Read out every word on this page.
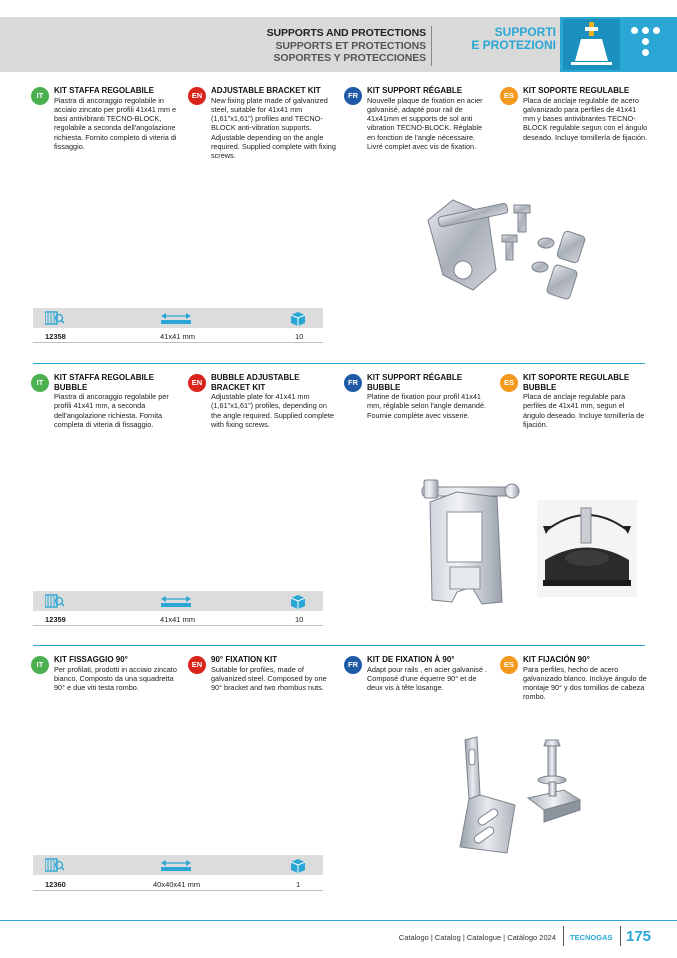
SUPPORTS AND PROTECTIONS
SUPPORTS ET PROTECTIONS
SOPORTES Y PROTECCIONES
SUPPORTI
E PROTEZIONI
IT
KIT STAFFA REGOLABILE
Piastra di ancoraggio regolabile in acciaio zincato per profili 41x41 mm e basi antivibranti TECNO-BLOCK, regolabile a seconda dell'angolazione richiesta. Fornito completo di viteria di fissaggio.
EN
ADJUSTABLE BRACKET KIT
New fixing plate made of galvanized steel, suitable for 41x41 mm (1,61"x1,61") profiles and TECNO-BLOCK anti-vibration supports. Adjustable depending on the angle required. Supplied complete with fixing screws.
FR
KIT SUPPORT RÉGABLE
Nouvelle plaque de fixation en acier galvanisé, adapté pour rail de 41x41mm et supports de sol anti vibration TECNO-BLOCK. Réglable en fonction de l'angle nécessaire. Livré complet avec vis de fixation.
ES
KIT SOPORTE REGULABLE
Placa de anclaje regulable de acero galvanizado para perfiles de 41x41 mm y bases antivibrantes TECNO-BLOCK regulable segun con el ángulo deseado. Incluye tornillería de fijación.
12358	41x41 mm	10
IT
KIT STAFFA REGOLABILE BUBBLE
Piastra di ancoraggio regolabile per profili 41x41 mm, a seconda dell'angolazione richiesta. Fornita completa di viteria di fissaggio.
EN
BUBBLE ADJUSTABLE BRACKET KIT
Adjustable plate for 41x41 mm (1,61"x1,61") profiles, depending on the angle required. Supplied complete with fixing screws.
FR
KIT SUPPORT RÉGABLE BUBBLE
Platine de fixation pour profil 41x41 mm, réglable selon l'angle demandé. Fournie complète avec visserie.
ES
KIT SOPORTE REGULABLE BUBBLE
Placa de anclaje regulable para perfiles de 41x41 mm, segun el ángulo deseado. Incluye tornillería de fijación.
12359	41x41 mm	10
IT
KIT FISSAGGIO 90°
Per profilati, prodotti in acciaio zincato bianco. Composto da una squadretta 90° e due viti testa rombo.
EN
90° FIXATION KIT
Suitable for profiles, made of galvanized steel. Composed by one 90° bracket and two rhombus nuts.
FR
KIT DE FIXATION À 90°
Adapt pour rails , en acier galvanisé . Composé d'une équerre 90° et de deux vis à tête losange.
ES
KIT FIJACIÓN 90°
Para perfiles, hecho de acero galvanizado blanco. Incluye ángulo de montaje 90° y dos tornillos de cabeza rombo.
12360	40x40x41 mm	1
Catalogo | Catalog | Catalogue | Catálogo 2024 TECNOGAS 175
